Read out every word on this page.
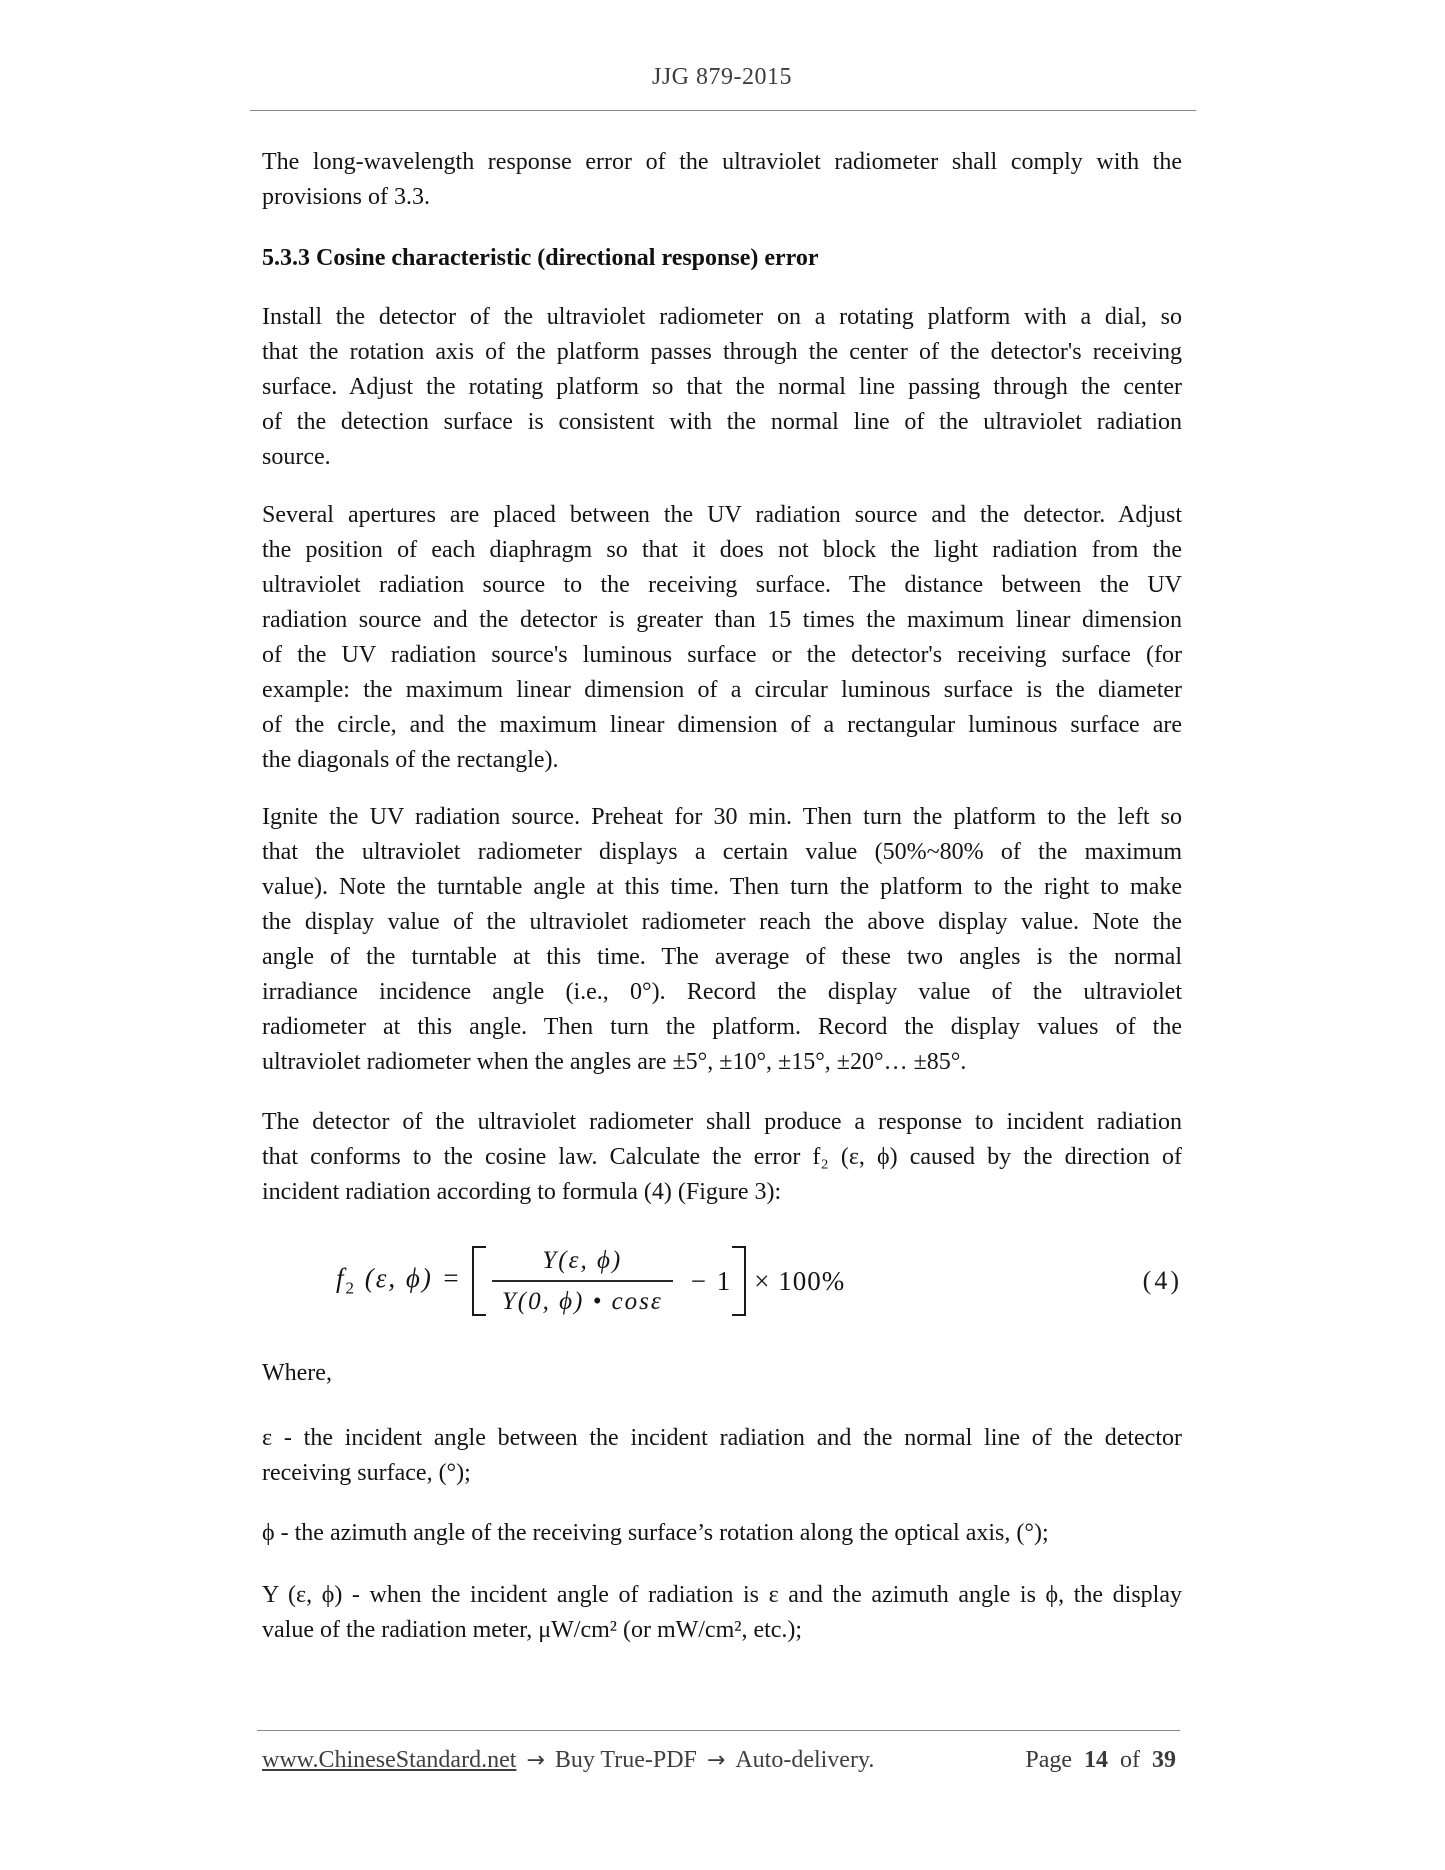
JJG 879-2015
The long-wavelength response error of the ultraviolet radiometer shall comply with the
provisions of 3.3.
5.3.3 Cosine characteristic (directional response) error
Install the detector of the ultraviolet radiometer on a rotating platform with a dial, so
that the rotation axis of the platform passes through the center of the detector's receiving
surface. Adjust the rotating platform so that the normal line passing through the center
of the detection surface is consistent with the normal line of the ultraviolet radiation
source.
Several apertures are placed between the UV radiation source and the detector. Adjust
the position of each diaphragm so that it does not block the light radiation from the
ultraviolet radiation source to the receiving surface. The distance between the UV
radiation source and the detector is greater than 15 times the maximum linear dimension
of the UV radiation source's luminous surface or the detector's receiving surface (for
example: the maximum linear dimension of a circular luminous surface is the diameter
of the circle, and the maximum linear dimension of a rectangular luminous surface are
the diagonals of the rectangle).
Ignite the UV radiation source. Preheat for 30 min. Then turn the platform to the left so
that the ultraviolet radiometer displays a certain value (50%~80% of the maximum
value). Note the turntable angle at this time. Then turn the platform to the right to make
the display value of the ultraviolet radiometer reach the above display value. Note the
angle of the turntable at this time. The average of these two angles is the normal
irradiance incidence angle (i.e., 0°). Record the display value of the ultraviolet
radiometer at this angle. Then turn the platform. Record the display values of the
ultraviolet radiometer when the angles are ±5°, ±10°, ±15°, ±20°… ±85°.
The detector of the ultraviolet radiometer shall produce a response to incident radiation
that conforms to the cosine law. Calculate the error f₂ (ε, ϕ) caused by the direction of
incident radiation according to formula (4) (Figure 3):
$f_2$ (ε, $\phi) = \frac{Y(\varepsilon, \phi)}{Y(0, \phi) • \cos\varepsilon} - 1 \times 100\%$	(4)
Where,
ε - the incident angle between the incident radiation and the normal line of the detector
receiving surface, (°);
ϕ - the azimuth angle of the receiving surface’s rotation along the optical axis, (°);
Y (ε, ϕ) - when the incident angle of radiation is ε and the azimuth angle is ϕ, the display
value of the radiation meter, μW/cm² (or mW/cm², etc.);
www.ChineseStandard.net → Buy True-PDF → Auto-delivery.	Page 14 of 39
